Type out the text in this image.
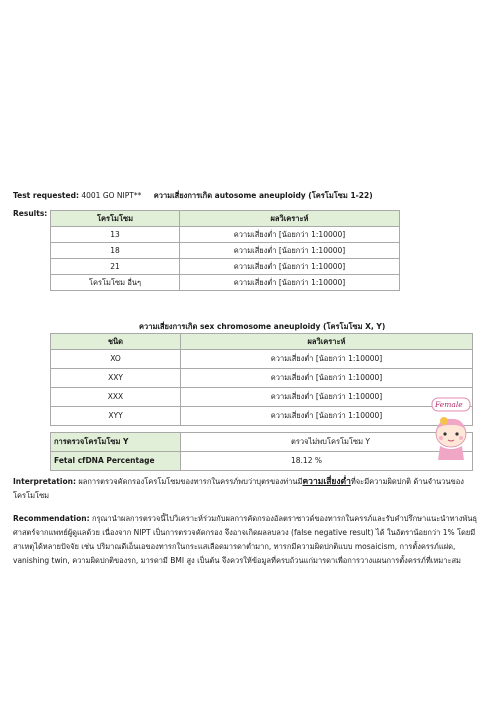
Test requested: 4001 GO NIPT** ความเสี่ยงการเกิด autosome aneuploidy (โครโมโซม 1-22)
Results:
โครโมโซม	ผลวิเคราะห์
13	ความเสี่ยงต่ำ [น้อยกว่า 1:10000]
18	ความเสี่ยงต่ำ [น้อยกว่า 1:10000]
21	ความเสี่ยงต่ำ [น้อยกว่า 1:10000]
โครโมโซม อื่นๆ	ความเสี่ยงต่ำ [น้อยกว่า 1:10000]
ความเสี่ยงการเกิด sex chromosome aneuploidy (โครโมโซม X, Y)
ชนิด	ผลวิเคราะห์
XO	ความเสี่ยงต่ำ [น้อยกว่า 1:10000]
XXY	ความเสี่ยงต่ำ [น้อยกว่า 1:10000]
XXX	ความเสี่ยงต่ำ [น้อยกว่า 1:10000]
XYY	ความเสี่ยงต่ำ [น้อยกว่า 1:10000]
การตรวจโครโมโซม Y	ตรวจไม่พบโครโมโซม Y
Fetal cfDNA Percentage	18.12 %
Female
Interpretation: ผลการตรวจคัดกรองโครโมโซมของทารกในครรภ์พบว่าบุตรของท่านมีความเสี่ยงต่ำที่จะมีความผิดปกติ ด้านจำนวนของโครโมโซม
Recommendation: กรุณานำผลการตรวจนี้ไปวิเคราะห์ร่วมกับผลการคัดกรองอัลตราซาวด์ของทารกในครรภ์และรับคำปรึกษาแนะนำทางพันธุศาสตร์จากแพทย์ผู้ดูแลด้วย เนื่องจาก NIPT เป็นการตรวจคัดกรอง จึงอาจเกิดผลลบลวง (false negative result) ได้ ในอัตราน้อยกว่า 1% โดยมีสาเหตุได้หลายปัจจัย เช่น ปริมาณดีเอ็นเอของทารกในกระแสเลือดมารดาต่ำมาก, ทารกมีความผิดปกติแบบ mosaicism, การตั้งครรภ์แฝด, vanishing twin, ความผิดปกติของรก, มารดามี BMI สูง เป็นต้น จึงควรให้ข้อมูลที่ครบถ้วนแก่มารดาเพื่อการวางแผนการตั้งครรภ์ที่เหมาะสม
